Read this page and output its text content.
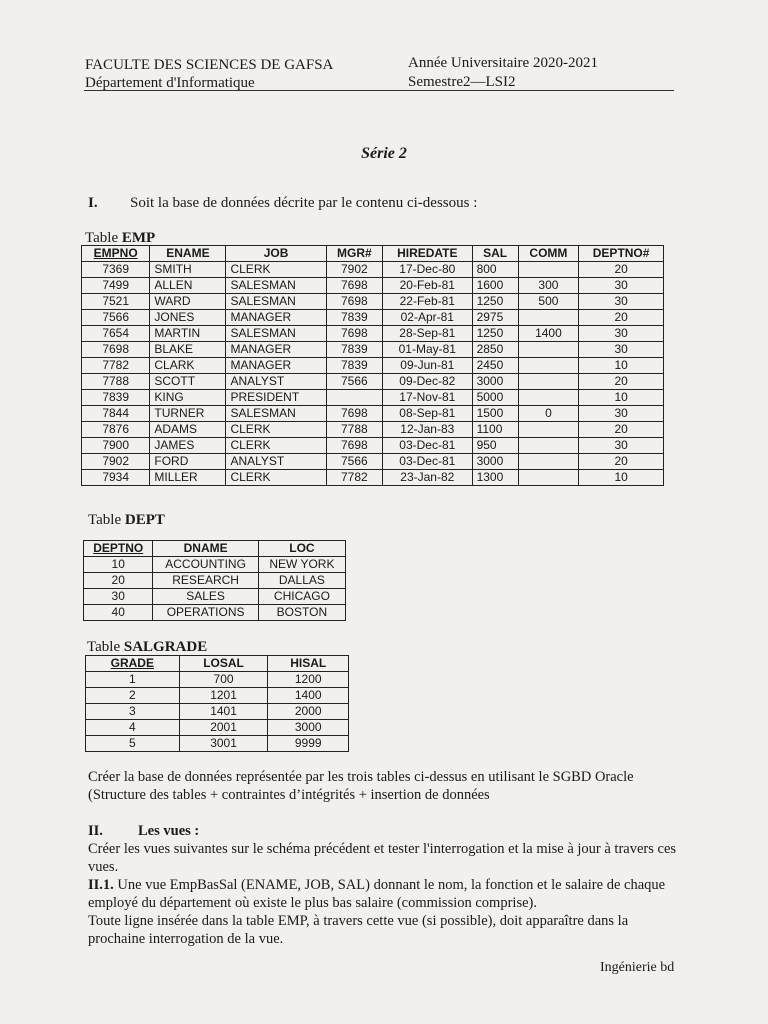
FACULTE DES SCIENCES DE GAFSA
Département d'Informatique
Année Universitaire 2020-2021
Semestre2—LSI2
Série 2
I. Soit la base de données décrite par le contenu ci-dessous :
Table EMP
EMPNO	ENAME	JOB	MGR#	HIREDATE	SAL	COMM	DEPTNO#
7369	SMITH	CLERK	7902	17-Dec-80	800		20
7499	ALLEN	SALESMAN	7698	20-Feb-81	1600	300	30
7521	WARD	SALESMAN	7698	22-Feb-81	1250	500	30
7566	JONES	MANAGER	7839	02-Apr-81	2975		20
7654	MARTIN	SALESMAN	7698	28-Sep-81	1250	1400	30
7698	BLAKE	MANAGER	7839	01-May-81	2850		30
7782	CLARK	MANAGER	7839	09-Jun-81	2450		10
7788	SCOTT	ANALYST	7566	09-Dec-82	3000		20
7839	KING	PRESIDENT		17-Nov-81	5000		10
7844	TURNER	SALESMAN	7698	08-Sep-81	1500	0	30
7876	ADAMS	CLERK	7788	12-Jan-83	1100		20
7900	JAMES	CLERK	7698	03-Dec-81	950		30
7902	FORD	ANALYST	7566	03-Dec-81	3000		20
7934	MILLER	CLERK	7782	23-Jan-82	1300		10
Table DEPT
DEPTNO	DNAME	LOC
10	ACCOUNTING	NEW YORK
20	RESEARCH	DALLAS
30	SALES	CHICAGO
40	OPERATIONS	BOSTON
Table SALGRADE
GRADE	LOSAL	HISAL
1	700	1200
2	1201	1400
3	1401	2000
4	2001	3000
5	3001	9999
Créer la base de données représentée par les trois tables ci-dessus en utilisant le SGBD Oracle (Structure des tables + contraintes d’intégrités + insertion de données
II. Les vues :
Créer les vues suivantes sur le schéma précédent et tester l'interrogation et la mise à jour à travers ces vues.
II.1. Une vue EmpBasSal (ENAME, JOB, SAL) donnant le nom, la fonction et le salaire de chaque employé du département où existe le plus bas salaire (commission comprise).
Toute ligne insérée dans la table EMP, à travers cette vue (si possible), doit apparaître dans la prochaine interrogation de la vue.
Ingénierie bd
